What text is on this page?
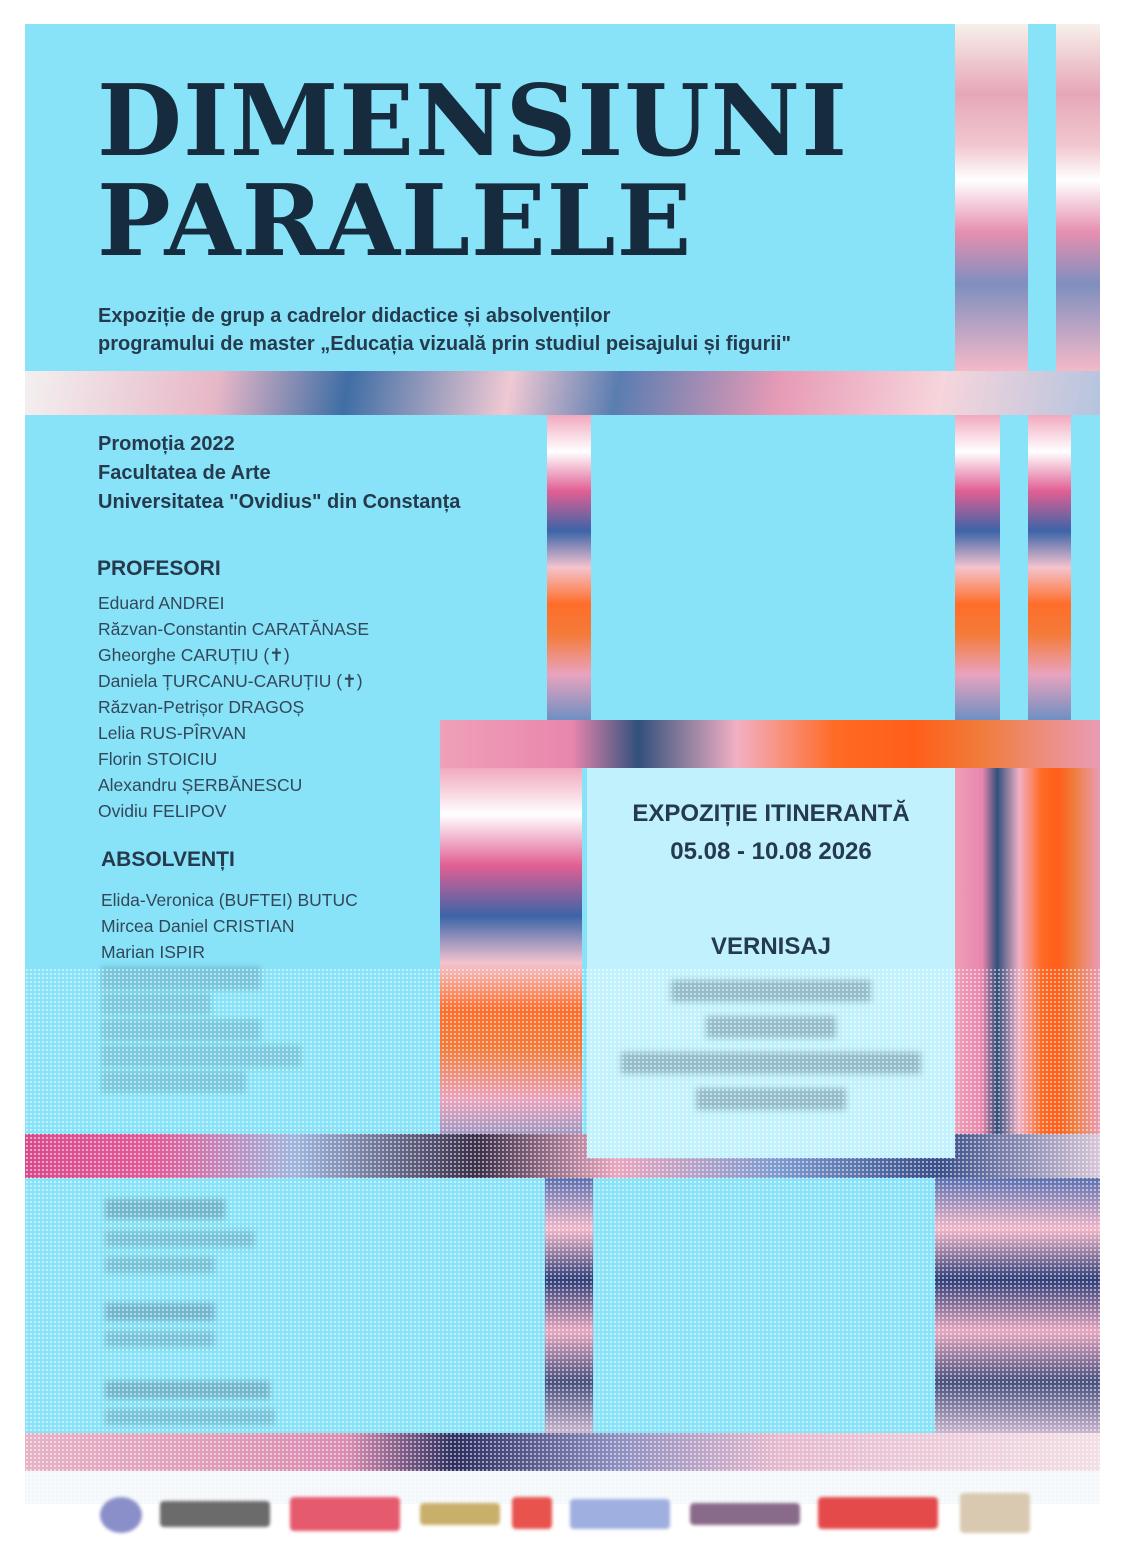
DIMENSIUNI
PARALELE
Expoziție de grup a cadrelor didactice și absolvenților
programului de master „Educația vizuală prin studiul peisajului și figurii"
Promoția 2022
Facultatea de Arte
Universitatea "Ovidius" din Constanța
PROFESORI
Eduard ANDREI
Răzvan-Constantin CARATĂNASE
Gheorghe CARUȚIU (✝)
Daniela ȚURCANU-CARUȚIU (✝)
Răzvan-Petrișor DRAGOȘ
Lelia RUS-PÎRVAN
Florin STOICIU
Alexandru ȘERBĂNESCU
Ovidiu FELIPOV
ABSOLVENȚI
Elida-Veronica (BUFTEI) BUTUC
Mircea Daniel CRISTIAN
Marian ISPIR
EXPOZIȚIE ITINERANTĂ
05.08 - 10.08 2026
VERNISAJ
